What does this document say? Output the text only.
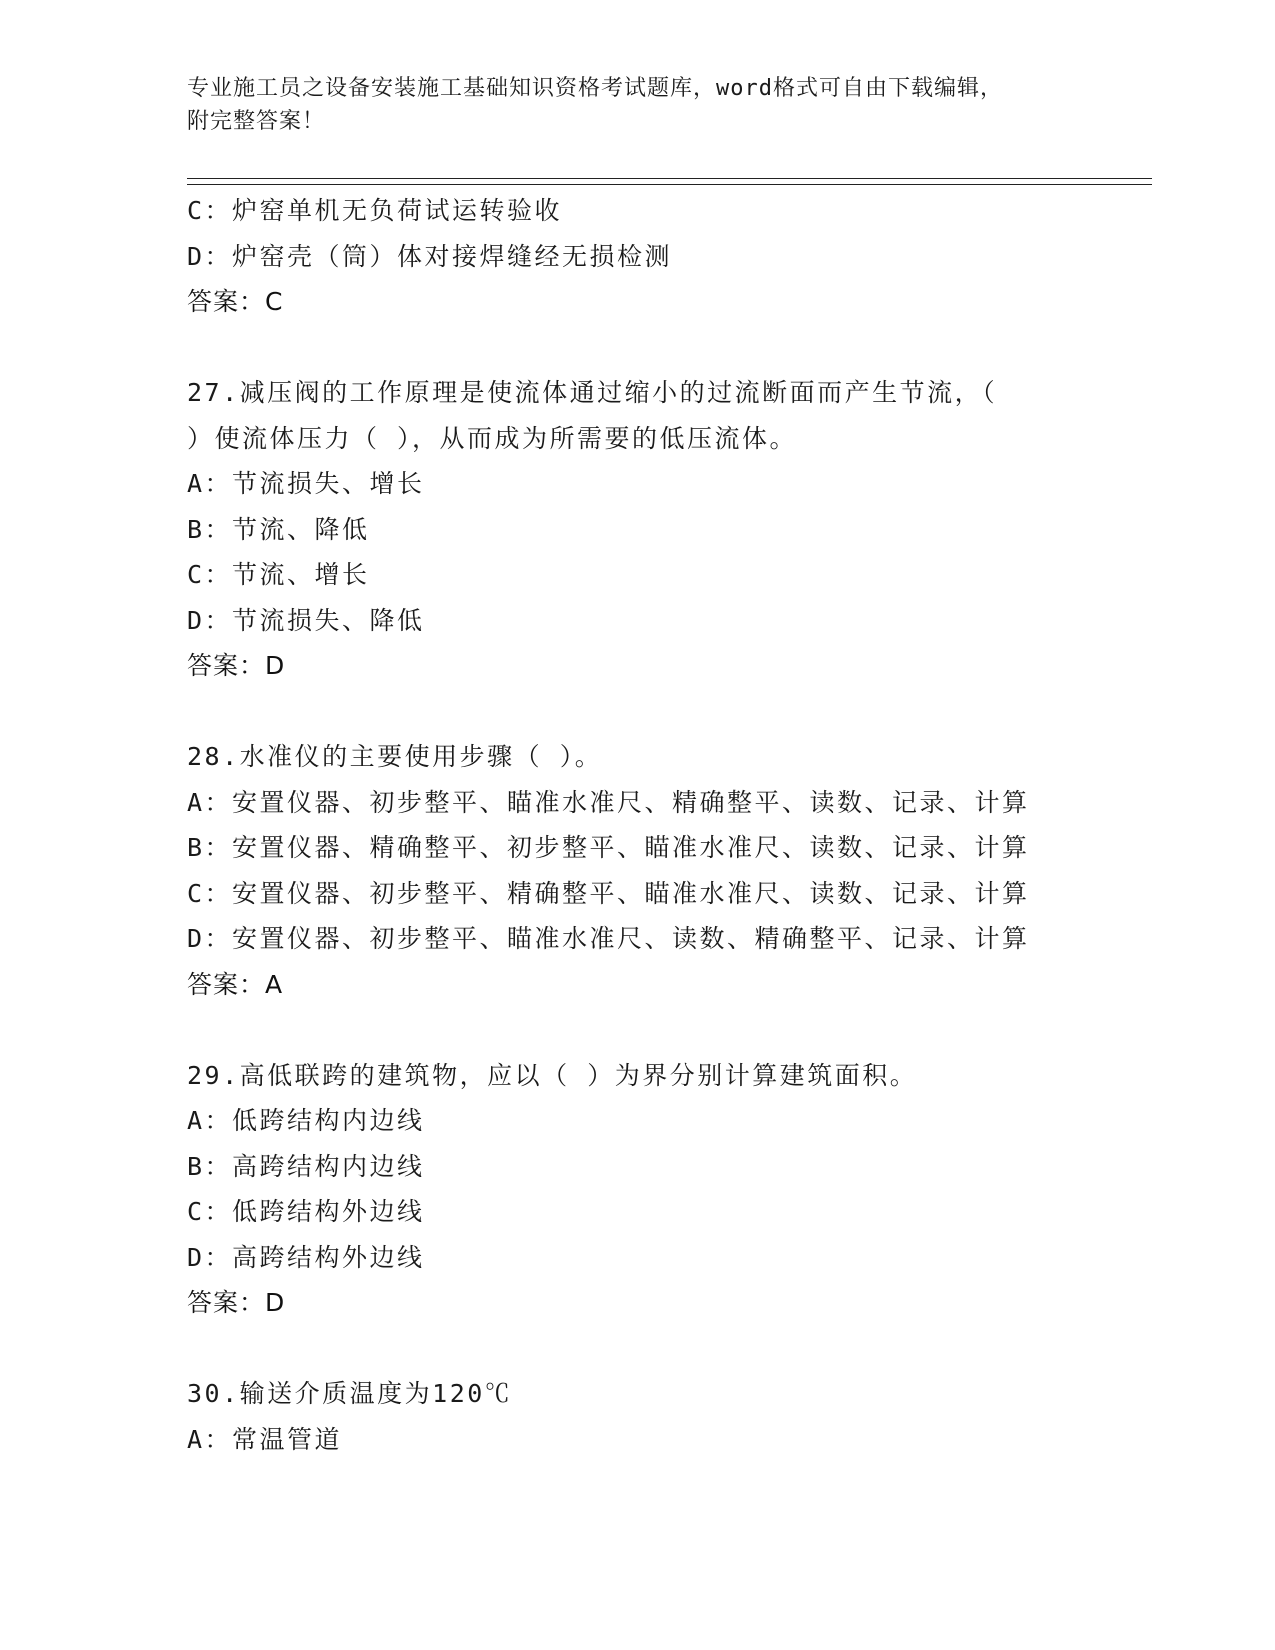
专业施工员之设备安装施工基础知识资格考试题库，word格式可自由下载编辑，
附完整答案！
C：炉窑单机无负荷试运转验收
D：炉窑壳（筒）体对接焊缝经无损检测
答案：C
27.减压阀的工作原理是使流体通过缩小的过流断面而产生节流，（
）使流体压力（ ），从而成为所需要的低压流体。
A：节流损失、增长
B：节流、降低
C：节流、增长
D：节流损失、降低
答案：D
28.水准仪的主要使用步骤（ ）。
A：安置仪器、初步整平、瞄准水准尺、精确整平、读数、记录、计算
B：安置仪器、精确整平、初步整平、瞄准水准尺、读数、记录、计算
C：安置仪器、初步整平、精确整平、瞄准水准尺、读数、记录、计算
D：安置仪器、初步整平、瞄准水准尺、读数、精确整平、记录、计算
答案：A
29.高低联跨的建筑物，应以（ ）为界分别计算建筑面积。
A：低跨结构内边线
B：高跨结构内边线
C：低跨结构外边线
D：高跨结构外边线
答案：D
30.输送介质温度为120℃
A：常温管道
